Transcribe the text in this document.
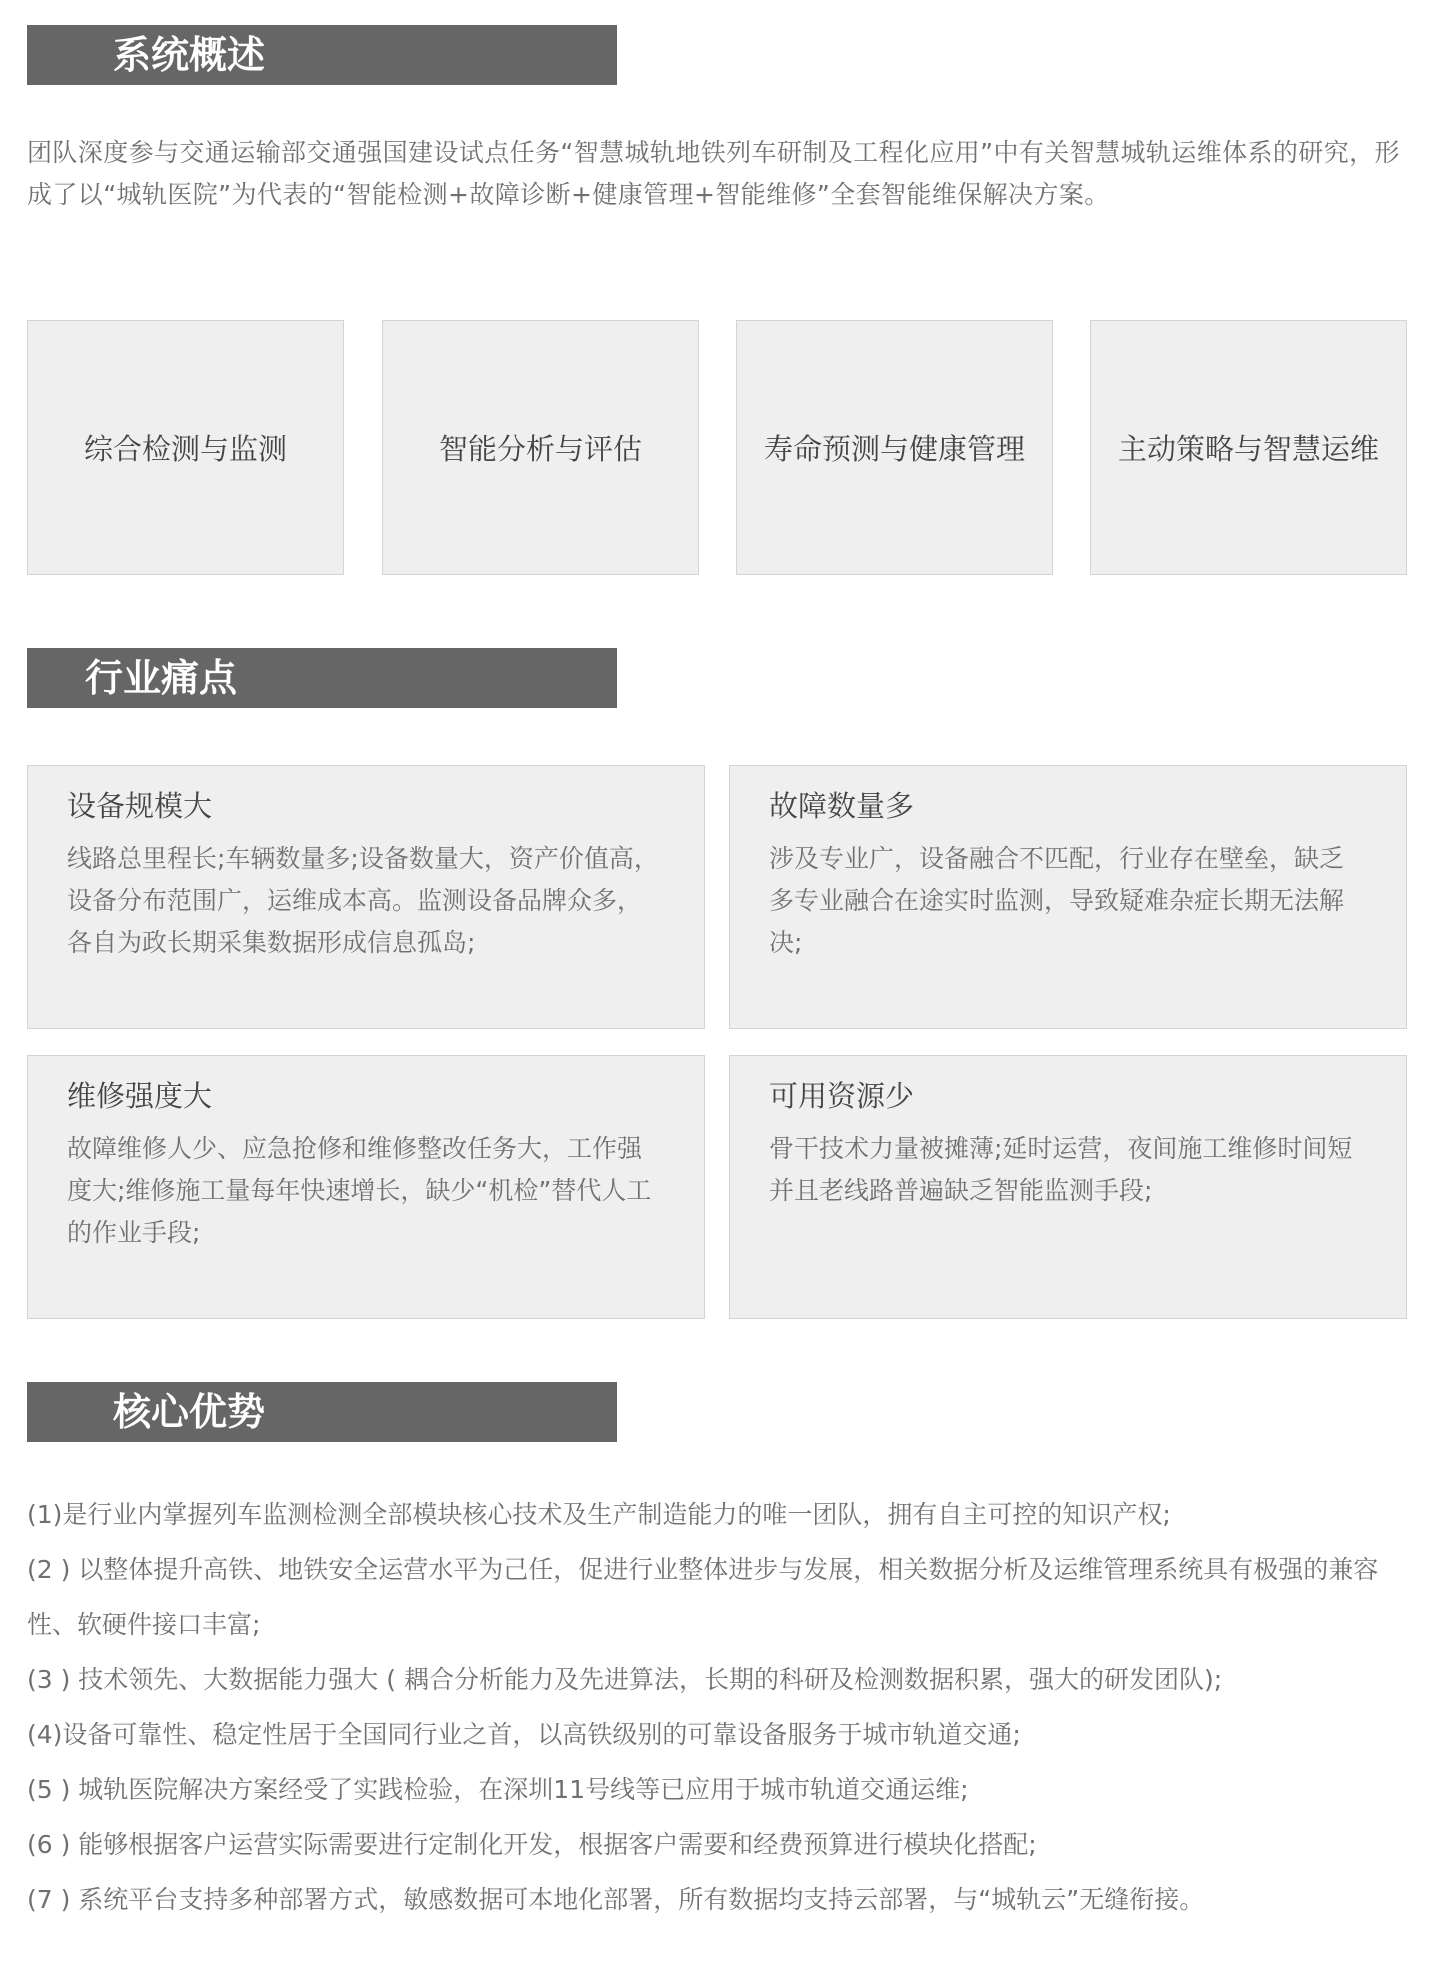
系统概述

团队深度参与交通运输部交通强国建设试点任务“智慧城轨地铁列车研制及工程化应用”中有关智慧城轨运维体系的研究，形成了以“城轨医院”为代表的“智能检测+故障诊断+健康管理+智能维修”全套智能维保解决方案。

综合检测与监测	智能分析与评估	寿命预测与健康管理	主动策略与智慧运维
行业痛点

设备规模大

线路总里程长;车辆数量多;设备数量大，资产价值高，设备分布范围广，运维成本高。监测设备品牌众多，各自为政长期采集数据形成信息孤岛;

故障数量多

涉及专业广，设备融合不匹配，行业存在壁垒，缺乏多专业融合在途实时监测，导致疑难杂症长期无法解决;

维修强度大

故障维修人少、应急抢修和维修整改任务大，工作强度大;维修施工量每年快速增长，缺少“机检”替代人工的作业手段;

可用资源少

骨干技术力量被摊薄;延时运营，夜间施工维修时间短并且老线路普遍缺乏智能监测手段;

核心优势
(1)是行业内掌握列车监测检测全部模块核心技术及生产制造能力的唯一团队，拥有自主可控的知识产权;
(2 ) 以整体提升高铁、地铁安全运营水平为己任，促进行业整体进步与发展，相关数据分析及运维管理系统具有极强的兼容性、软硬件接口丰富;
(3 ) 技术领先、大数据能力强大 ( 耦合分析能力及先进算法，长期的科研及检测数据积累，强大的研发团队);
(4)设备可靠性、稳定性居于全国同行业之首，以高铁级别的可靠设备服务于城市轨道交通;
(5 ) 城轨医院解决方案经受了实践检验，在深圳11号线等已应用于城市轨道交通运维;
(6 ) 能够根据客户运营实际需要进行定制化开发，根据客户需要和经费预算进行模块化搭配;
(7 ) 系统平台支持多种部署方式，敏感数据可本地化部署，所有数据均支持云部署，与“城轨云”无缝衔接。
